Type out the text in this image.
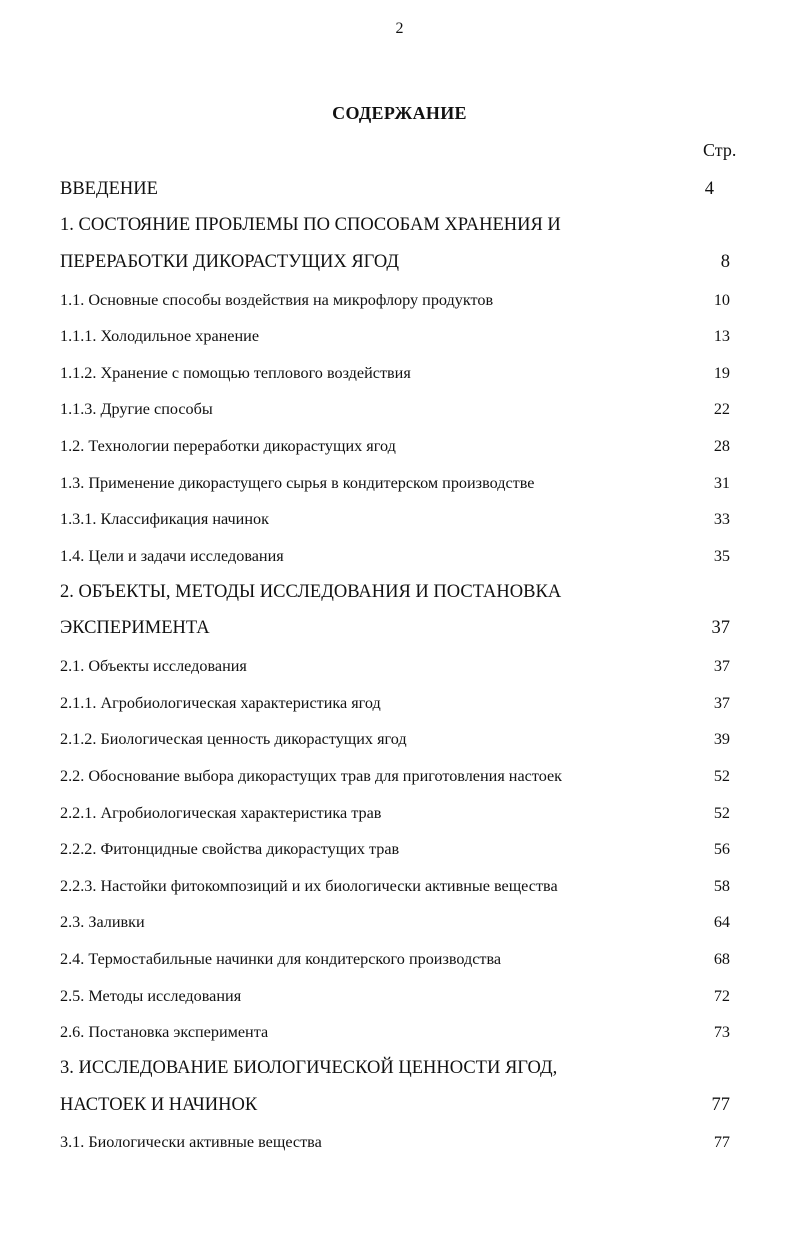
2
СОДЕРЖАНИЕ
Стр.
ВВЕДЕНИЕ	4
1. СОСТОЯНИЕ ПРОБЛЕМЫ ПО СПОСОБАМ ХРАНЕНИЯ И
ПЕРЕРАБОТКИ ДИКОРАСТУЩИХ ЯГОД	8
1.1. Основные способы воздействия на микрофлору продуктов	10
1.1.1. Холодильное хранение	13
1.1.2. Хранение с помощью теплового воздействия	19
1.1.3. Другие способы	22
1.2. Технологии переработки дикорастущих ягод	28
1.3. Применение дикорастущего сырья в кондитерском производстве	31
1.3.1. Классификация начинок	33
1.4. Цели и задачи исследования	35
2. ОБЪЕКТЫ, МЕТОДЫ ИССЛЕДОВАНИЯ И ПОСТАНОВКА
ЭКСПЕРИМЕНТА	37
2.1. Объекты исследования	37
2.1.1. Агробиологическая характеристика ягод	37
2.1.2. Биологическая ценность дикорастущих ягод	39
2.2. Обоснование выбора дикорастущих трав для приготовления настоек	52
2.2.1. Агробиологическая характеристика трав	52
2.2.2. Фитонцидные свойства дикорастущих трав	56
2.2.3. Настойки фитокомпозиций и их биологически активные вещества	58
2.3. Заливки	64
2.4. Термостабильные начинки для кондитерского производства	68
2.5. Методы исследования	72
2.6. Постановка эксперимента	73
3. ИССЛЕДОВАНИЕ БИОЛОГИЧЕСКОЙ ЦЕННОСТИ ЯГОД,
НАСТОЕК И НАЧИНОК	77
3.1. Биологически активные вещества	77
